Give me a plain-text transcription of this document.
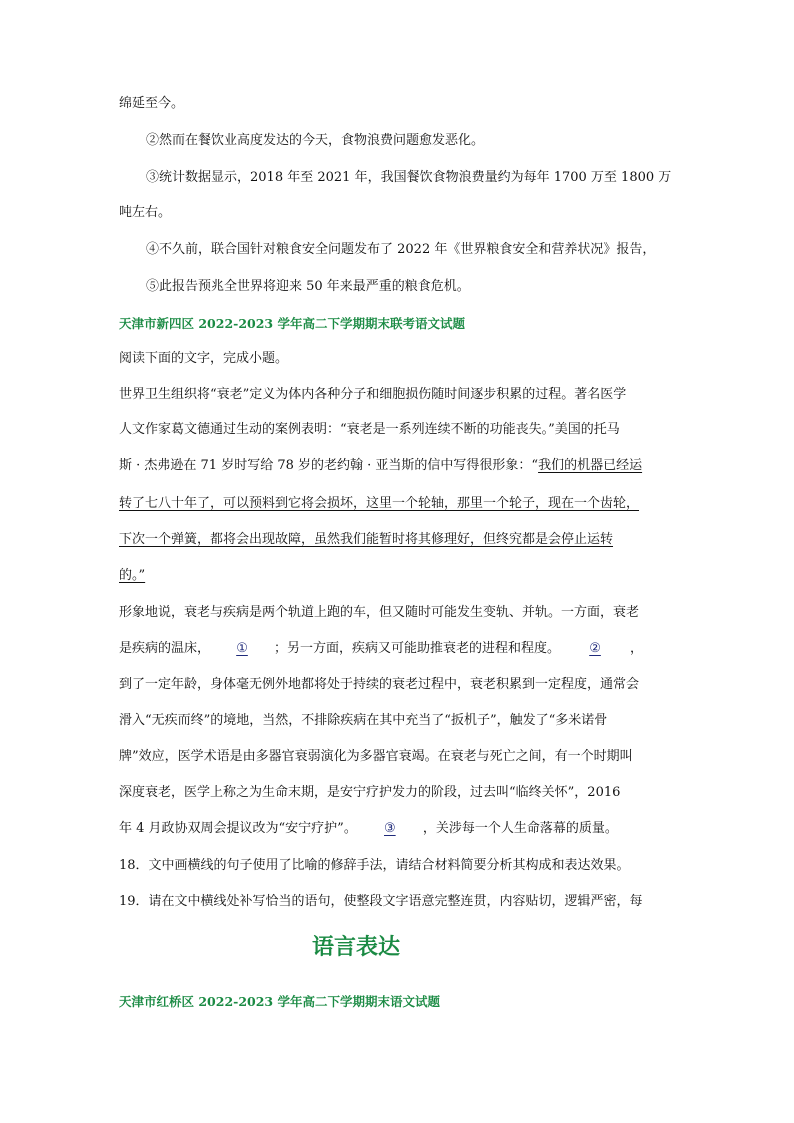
绵延至今。
②然而在餐饮业高度发达的今天，食物浪费问题愈发恶化。
③统计数据显示，2018 年至 2021 年，我国餐饮食物浪费量约为每年 1700 万至 1800 万
吨左右。
④不久前，联合国针对粮食安全问题发布了 2022 年《世界粮食安全和营养状况》报告，
⑤此报告预兆全世界将迎来 50 年来最严重的粮食危机。
天津市新四区 2022-2023 学年高二下学期期末联考语文试题
阅读下面的文字，完成小题。
世界卫生组织将“衰老”定义为体内各种分子和细胞损伤随时间逐步积累的过程。著名医学
人文作家葛文德通过生动的案例表明：“衰老是一系列连续不断的功能丧失。”美国的托马
斯 · 杰弗逊在 71 岁时写给 78 岁的老约翰 · 亚当斯的信中写得很形象：“我们的机器已经运
转了七八十年了，可以预料到它将会损坏，这里一个轮轴，那里一个轮子，现在一个齿轮，
下次一个弹簧，都将会出现故障，虽然我们能暂时将其修理好，但终究都是会停止运转
的。”
形象地说，衰老与疾病是两个轨道上跑的车，但又随时可能发生变轨、并轨。一方面，衰老
是疾病的温床， ① ；另一方面，疾病又可能助推衰老的进程和程度。 ② ，
到了一定年龄，身体毫无例外地都将处于持续的衰老过程中，衰老积累到一定程度，通常会
滑入“无疾而终”的境地，当然，不排除疾病在其中充当了“扳机子”，触发了“多米诺骨
牌”效应，医学术语是由多器官衰弱演化为多器官衰竭。在衰老与死亡之间，有一个时期叫
深度衰老，医学上称之为生命末期，是安宁疗护发力的阶段，过去叫“临终关怀”，2016
年 4 月政协双周会提议改为“安宁疗护”。 ③ ，关涉每一个人生命落幕的质量。
18．文中画横线的句子使用了比喻的修辞手法，请结合材料简要分析其构成和表达效果。
19．请在文中横线处补写恰当的语句，使整段文字语意完整连贯，内容贴切，逻辑严密，每
语言表达
天津市红桥区 2022-2023 学年高二下学期期末语文试题
